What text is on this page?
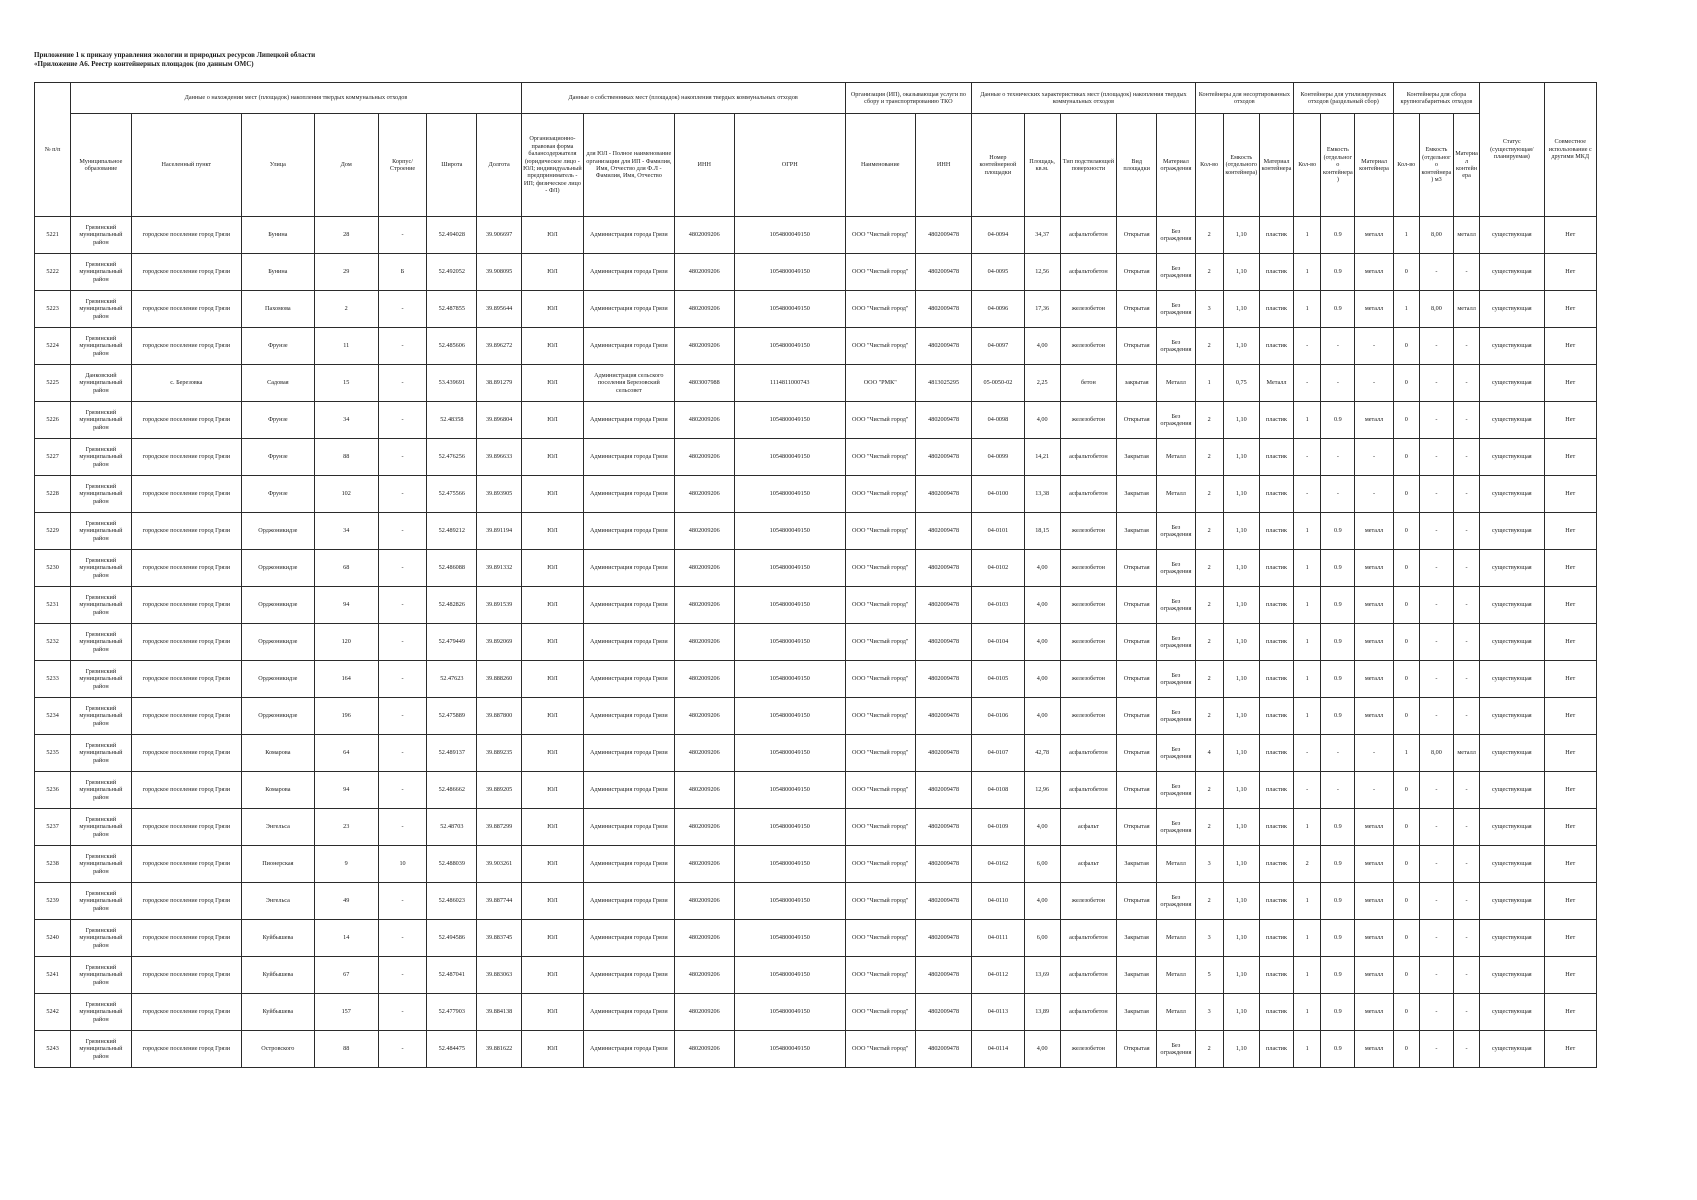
Приложение 1 к приказу управления экологии и природных ресурсов Липецкой области
«Приложение А6. Реестр контейнерных площадок (по данным ОМС)
№ п/п	Данные о нахождении мест (площадок) накопления твердых коммунальных отходов							Данные о собственниках мест (площадок) накопления твердых коммунальных отходов				Организация (ИП), оказывающая услуги по сбору и транспортированию ТКО		Данные о технических характеристиках мест (площадок) накопления твердых коммунальных отходов					Контейнеры для несортированных отходов			Контейнеры для утилизируемых отходов (раздельный сбор)			Контейнеры для сбора крупногабаритных отходов			Статус (существующая/ планируемая)	Совместное использование с другими МКД
	Муниципальное образование	Населенный пункт	Улица	Дом	Корпус/Строение	Широта	Долгота	Организационно-правовая форма балансодержателя (юридическое лицо - ЮЛ; индивидуальный предприниматель - ИП; физическое лицо - ФЛ)	для ЮЛ - Полное наименование организации для ИП - Фамилия, Имя, Отчество для Ф.Л - Фамилия, Имя, Отчество	ИНН	ОГРН	Наименование	ИНН	Номер контейнерной площадки	Площадь, кв.м.	Тип подстилающей поверхности	Вид площадки	Материал ограждения	Кол-во	Емкость (отдельного контейнера)	Материал контейнера	Кол-во	Емкость (отдельного контейнера)	Материал контейнера	Кол-во	Емкость (отдельного контейнера) м3	Материал контейнера		
5221	Грязинский муниципальный район	городское поселение город Грязи	Бунина	28	-	52.494028	39.906697	ЮЛ	Администрация города Грязи	4802009206	1054800049150	ООО "Чистый город"	4802009478	04-0094	34,37	асфальтобетон	Открытая	Без ограждения	2	1,10	пластик	1	0.9	металл	1	8,00	металл	существующая	Нет
5222	Грязинский муниципальный район	городское поселение город Грязи	Бунина	29	Б	52.492052	39.908095	ЮЛ	Администрация города Грязи	4802009206	1054800049150	ООО "Чистый город"	4802009478	04-0095	12,56	асфальтобетон	Открытая	Без ограждения	2	1,10	пластик	1	0.9	металл	0	-	-	существующая	Нет
5223	Грязинский муниципальный район	городское поселение город Грязи	Пахомова	2	-	52.487855	39.895644	ЮЛ	Администрация города Грязи	4802009206	1054800049150	ООО "Чистый город"	4802009478	04-0096	17,36	железобетон	Открытая	Без ограждения	3	1,10	пластик	1	0.9	металл	1	8,00	металл	существующая	Нет
5224	Грязинский муниципальный район	городское поселение город Грязи	Фрунзе	11	-	52.485606	39.896272	ЮЛ	Администрация города Грязи	4802009206	1054800049150	ООО "Чистый город"	4802009478	04-0097	4,00	железобетон	Открытая	Без ограждения	2	1,10	пластик	-	-	-	0	-	-	существующая	Нет
5225	Данковский муниципальный район	с. Березовка	Садовая	15	-	53.439691	38.891279	ЮЛ	Администрация сельского поселения Березовский сельсовет	4803007988	1114811000743	ООО "РМК"	4813025295	05-0050-02	2,25	бетон	закрытая	Металл	1	0,75	Металл	-	-	-	0	-	-	существующая	Нет
5226	Грязинский муниципальный район	городское поселение город Грязи	Фрунзе	34	-	52.48358	39.896804	ЮЛ	Администрация города Грязи	4802009206	1054800049150	ООО "Чистый город"	4802009478	04-0098	4,00	железобетон	Открытая	Без ограждения	2	1,10	пластик	1	0.9	металл	0	-	-	существующая	Нет
5227	Грязинский муниципальный район	городское поселение город Грязи	Фрунзе	88	-	52.476256	39.896633	ЮЛ	Администрация города Грязи	4802009206	1054800049150	ООО "Чистый город"	4802009478	04-0099	14,21	асфальтобетон	Закрытая	Металл	2	1,10	пластик	-	-	-	0	-	-	существующая	Нет
5228	Грязинский муниципальный район	городское поселение город Грязи	Фрунзе	102	-	52.475566	39.893905	ЮЛ	Администрация города Грязи	4802009206	1054800049150	ООО "Чистый город"	4802009478	04-0100	13,38	асфальтобетон	Закрытая	Металл	2	1,10	пластик	-	-	-	0	-	-	существующая	Нет
5229	Грязинский муниципальный район	городское поселение город Грязи	Орджоникидзе	34	-	52.489212	39.891194	ЮЛ	Администрация города Грязи	4802009206	1054800049150	ООО "Чистый город"	4802009478	04-0101	18,15	железобетон	Закрытая	Без ограждения	2	1,10	пластик	1	0.9	металл	0	-	-	существующая	Нет
5230	Грязинский муниципальный район	городское поселение город Грязи	Орджоникидзе	68	-	52.486088	39.891332	ЮЛ	Администрация города Грязи	4802009206	1054800049150	ООО "Чистый город"	4802009478	04-0102	4,00	железобетон	Открытая	Без ограждения	2	1,10	пластик	1	0.9	металл	0	-	-	существующая	Нет
5231	Грязинский муниципальный район	городское поселение город Грязи	Орджоникидзе	94	-	52.482826	39.891539	ЮЛ	Администрация города Грязи	4802009206	1054800049150	ООО "Чистый город"	4802009478	04-0103	4,00	железобетон	Открытая	Без ограждения	2	1,10	пластик	1	0.9	металл	0	-	-	существующая	Нет
5232	Грязинский муниципальный район	городское поселение город Грязи	Орджоникидзе	120	-	52.479449	39.892069	ЮЛ	Администрация города Грязи	4802009206	1054800049150	ООО "Чистый город"	4802009478	04-0104	4,00	железобетон	Открытая	Без ограждения	2	1,10	пластик	1	0.9	металл	0	-	-	существующая	Нет
5233	Грязинский муниципальный район	городское поселение город Грязи	Орджоникидзе	164	-	52.47623	39.888260	ЮЛ	Администрация города Грязи	4802009206	1054800049150	ООО "Чистый город"	4802009478	04-0105	4,00	железобетон	Открытая	Без ограждения	2	1,10	пластик	1	0.9	металл	0	-	-	существующая	Нет
5234	Грязинский муниципальный район	городское поселение город Грязи	Орджоникидзе	196	-	52.475889	39.887800	ЮЛ	Администрация города Грязи	4802009206	1054800049150	ООО "Чистый город"	4802009478	04-0106	4,00	железобетон	Открытая	Без ограждения	2	1,10	пластик	1	0.9	металл	0	-	-	существующая	Нет
5235	Грязинский муниципальный район	городское поселение город Грязи	Комарова	64	-	52.489137	39.889235	ЮЛ	Администрация города Грязи	4802009206	1054800049150	ООО "Чистый город"	4802009478	04-0107	42,78	асфальтобетон	Открытая	Без ограждения	4	1,10	пластик	-	-	-	1	8,00	металл	существующая	Нет
5236	Грязинский муниципальный район	городское поселение город Грязи	Комарова	94	-	52.486662	39.889205	ЮЛ	Администрация города Грязи	4802009206	1054800049150	ООО "Чистый город"	4802009478	04-0108	12,96	асфальтобетон	Открытая	Без ограждения	2	1,10	пластик	-	-	-	0	-	-	существующая	Нет
5237	Грязинский муниципальный район	городское поселение город Грязи	Энгельса	23	-	52.48703	39.887299	ЮЛ	Администрация города Грязи	4802009206	1054800049150	ООО "Чистый город"	4802009478	04-0109	4,00	асфальт	Открытая	Без ограждения	2	1,10	пластик	1	0.9	металл	0	-	-	существующая	Нет
5238	Грязинский муниципальный район	городское поселение город Грязи	Пионерская	9	10	52.488039	39.903261	ЮЛ	Администрация города Грязи	4802009206	1054800049150	ООО "Чистый город"	4802009478	04-0162	6,00	асфальт	Закрытая	Металл	3	1,10	пластик	2	0.9	металл	0	-	-	существующая	Нет
5239	Грязинский муниципальный район	городское поселение город Грязи	Энгельса	49	-	52.486023	39.887744	ЮЛ	Администрация города Грязи	4802009206	1054800049150	ООО "Чистый город"	4802009478	04-0110	4,00	железобетон	Открытая	Без ограждения	2	1,10	пластик	1	0.9	металл	0	-	-	существующая	Нет
5240	Грязинский муниципальный район	городское поселение город Грязи	Куйбышева	14	-	52.494586	39.883745	ЮЛ	Администрация города Грязи	4802009206	1054800049150	ООО "Чистый город"	4802009478	04-0111	6,00	асфальтобетон	Закрытая	Металл	3	1,10	пластик	1	0.9	металл	0	-	-	существующая	Нет
5241	Грязинский муниципальный район	городское поселение город Грязи	Куйбышева	67	-	52.487041	39.883063	ЮЛ	Администрация города Грязи	4802009206	1054800049150	ООО "Чистый город"	4802009478	04-0112	13,69	асфальтобетон	Закрытая	Металл	5	1,10	пластик	1	0.9	металл	0	-	-	существующая	Нет
5242	Грязинский муниципальный район	городское поселение город Грязи	Куйбышева	157	-	52.477903	39.884138	ЮЛ	Администрация города Грязи	4802009206	1054800049150	ООО "Чистый город"	4802009478	04-0113	13,89	асфальтобетон	Закрытая	Металл	3	1,10	пластик	1	0.9	металл	0	-	-	существующая	Нет
5243	Грязинский муниципальный район	городское поселение город Грязи	Островского	88	-	52.484475	39.881622	ЮЛ	Администрация города Грязи	4802009206	1054800049150	ООО "Чистый город"	4802009478	04-0114	4,00	железобетон	Открытая	Без ограждения	2	1,10	пластик	1	0.9	металл	0	-	-	существующая	Нет
